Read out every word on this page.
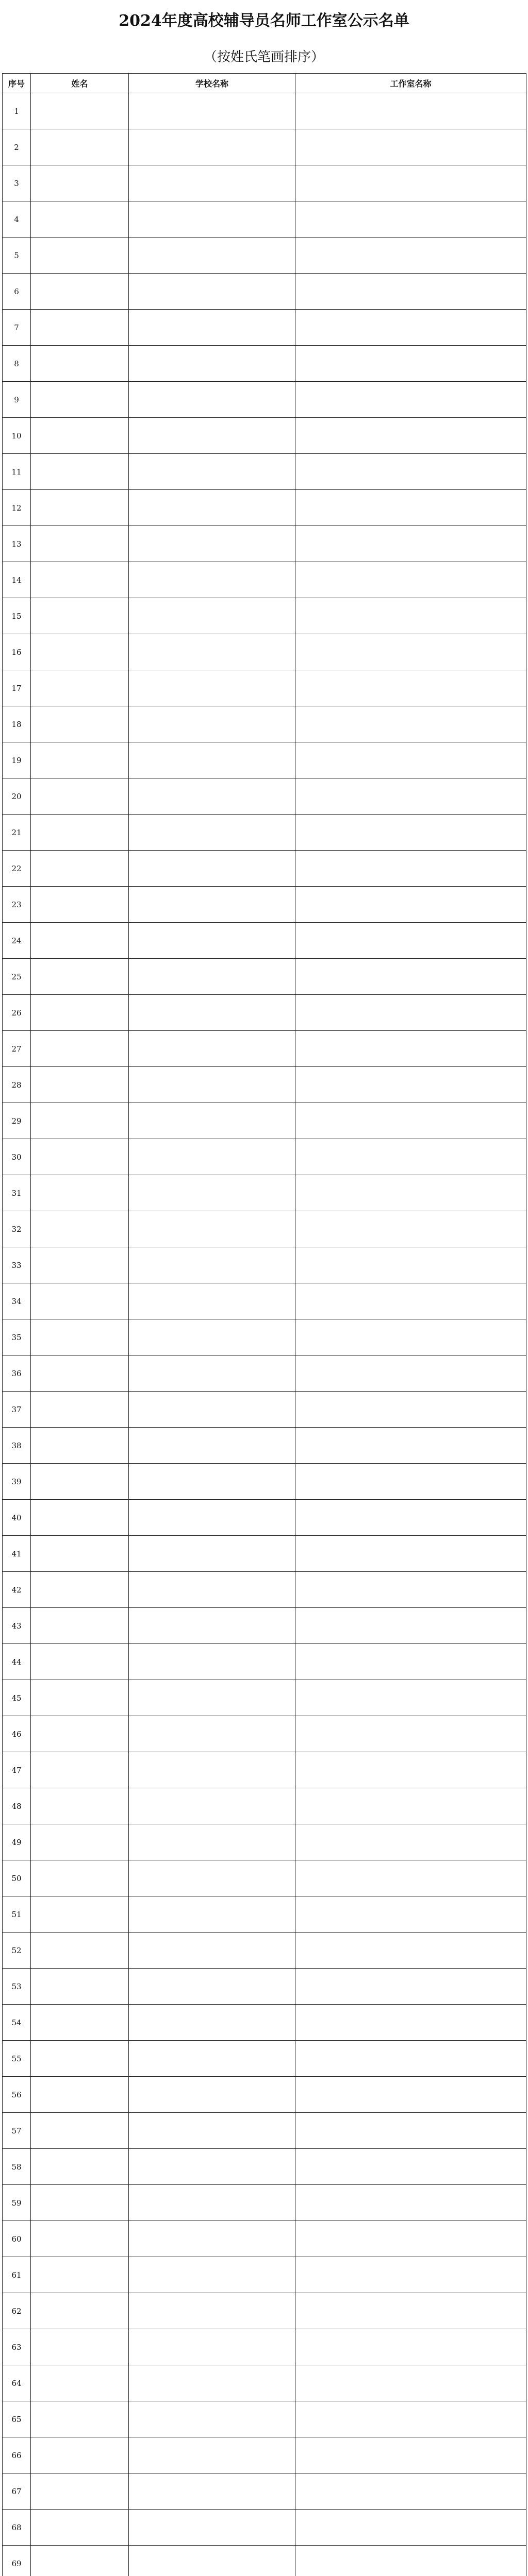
2024年度高校辅导员名师工作室公示名单
（按姓氏笔画排序）
序号	姓名	学校名称	工作室名称
1			
2			
3			
4			
5			
6			
7			
8			
9			
10			
11			
12			
13			
14			
15			
16			
17			
18			
19			
20			
21			
22			
23			
24			
25			
26			
27			
28			
29			
30			
31			
32			
33			
34			
35			
36			
37			
38			
39			
40			
41			
42			
43			
44			
45			
46			
47			
48			
49			
50			
51			
52			
53			
54			
55			
56			
57			
58			
59			
60			
61			
62			
63			
64			
65			
66			
67			
68			
69			
